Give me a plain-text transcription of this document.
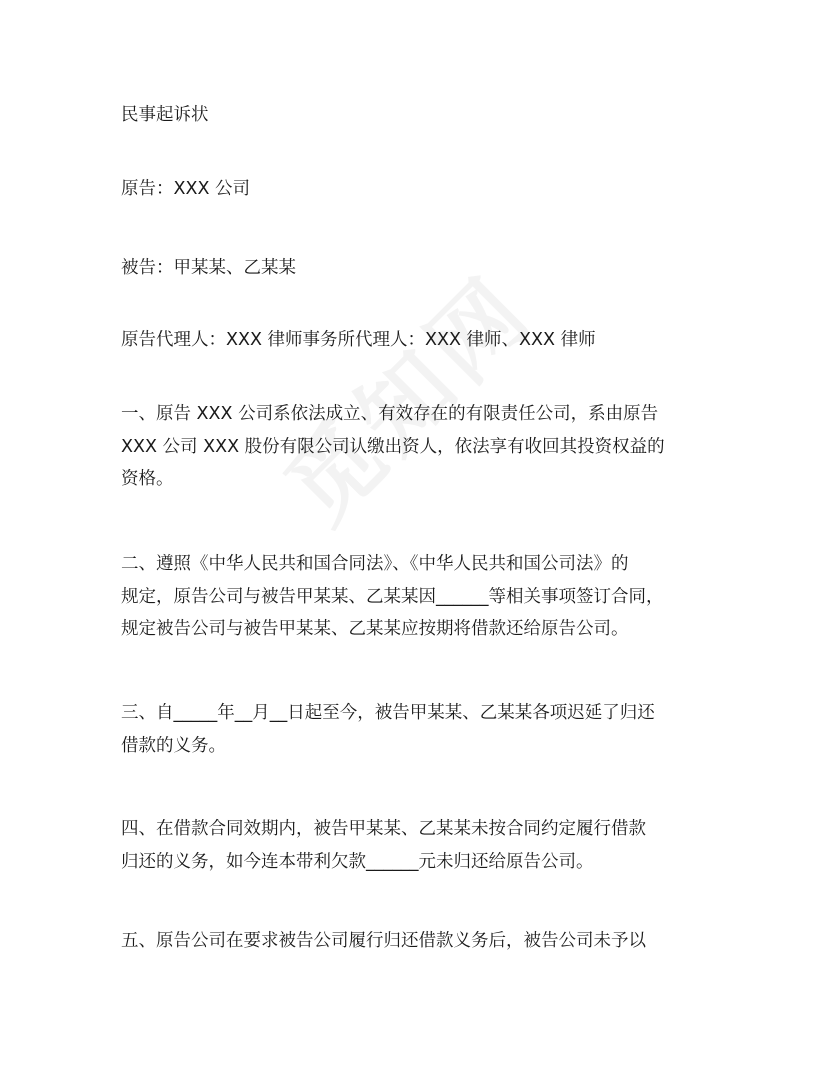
民事起诉状
原告：XXX 公司
被告：甲某某、乙某某
原告代理人：XXX 律师事务所代理人：XXX 律师、XXX 律师
一、原告 XXX 公司系依法成立、有效存在的有限责任公司，系由原告
XXX 公司 XXX 股份有限公司认缴出资人，依法享有收回其投资权益的
资格。
二、遵照《中华人民共和国合同法》、《中华人民共和国公司法》的
规定，原告公司与被告甲某某、乙某某因______等相关事项签订合同，
规定被告公司与被告甲某某、乙某某应按期将借款还给原告公司。
三、自_____年__月__日起至今，被告甲某某、乙某某各项迟延了归还
借款的义务。
四、在借款合同效期内，被告甲某某、乙某某未按合同约定履行借款
归还的义务，如今连本带利欠款______元未归还给原告公司。
五、原告公司在要求被告公司履行归还借款义务后，被告公司未予以
